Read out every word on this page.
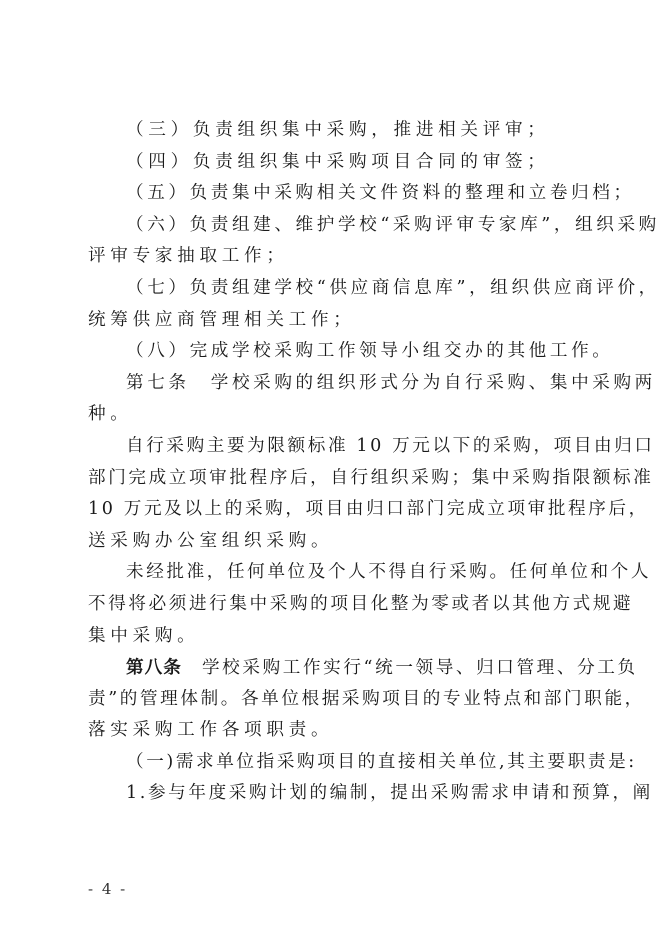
（三）负责组织集中采购，推进相关评审；
（四）负责组织集中采购项目合同的审签；
（五）负责集中采购相关文件资料的整理和立卷归档；
（六）负责组建、维护学校“采购评审专家库”，组织采购
评审专家抽取工作；
（七）负责组建学校“供应商信息库”，组织供应商评价，
统筹供应商管理相关工作；
（八）完成学校采购工作领导小组交办的其他工作。
第七条　学校采购的组织形式分为自行采购、集中采购两
种。
自行采购主要为限额标准 10 万元以下的采购，项目由归口
部门完成立项审批程序后，自行组织采购；集中采购指限额标准
10 万元及以上的采购，项目由归口部门完成立项审批程序后，
送采购办公室组织采购。
未经批准，任何单位及个人不得自行采购。任何单位和个人
不得将必须进行集中采购的项目化整为零或者以其他方式规避
集中采购。
第八条　学校采购工作实行“统一领导、归口管理、分工负
责”的管理体制。各单位根据采购项目的专业特点和部门职能，
落实采购工作各项职责。
（一)需求单位指采购项目的直接相关单位,其主要职责是:
1.参与年度采购计划的编制，提出采购需求申请和预算，阐
- 4 -
